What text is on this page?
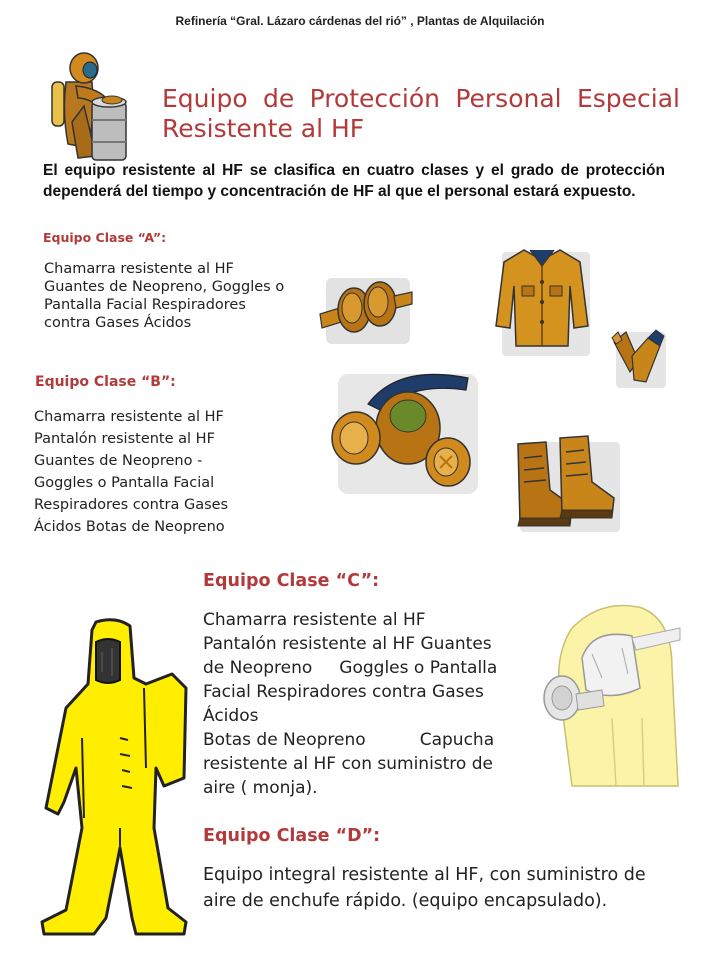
Refinería “Gral. Lázaro cárdenas del rió” , Plantas de Alquilación
Equipo de Protección Personal Especial
Resistente al HF
El equipo resistente al HF se clasifica en cuatro clases y el grado de protección dependerá del tiempo y concentración de HF al que el personal estará expuesto.
Equipo Clase “A”:
Chamarra resistente al HF
Guantes de Neopreno, Goggles o
Pantalla Facial Respiradores
contra Gases Ácidos
Equipo Clase “B”:
Chamarra resistente al HF
Pantalón resistente al HF
Guantes de Neopreno -
Goggles o Pantalla Facial
Respiradores contra Gases
Ácidos Botas de Neopreno
Equipo Clase “C”:
Chamarra resistente al HF
Pantalón resistente al HF Guantes
de Neopreno     Goggles o Pantalla
Facial Respiradores contra Gases
Ácidos
Botas de Neopreno          Capucha
resistente al HF con suministro de
aire ( monja).
Equipo Clase “D”:
Equipo integral resistente al HF, con suministro de
aire de enchufe rápido. (equipo encapsulado).
